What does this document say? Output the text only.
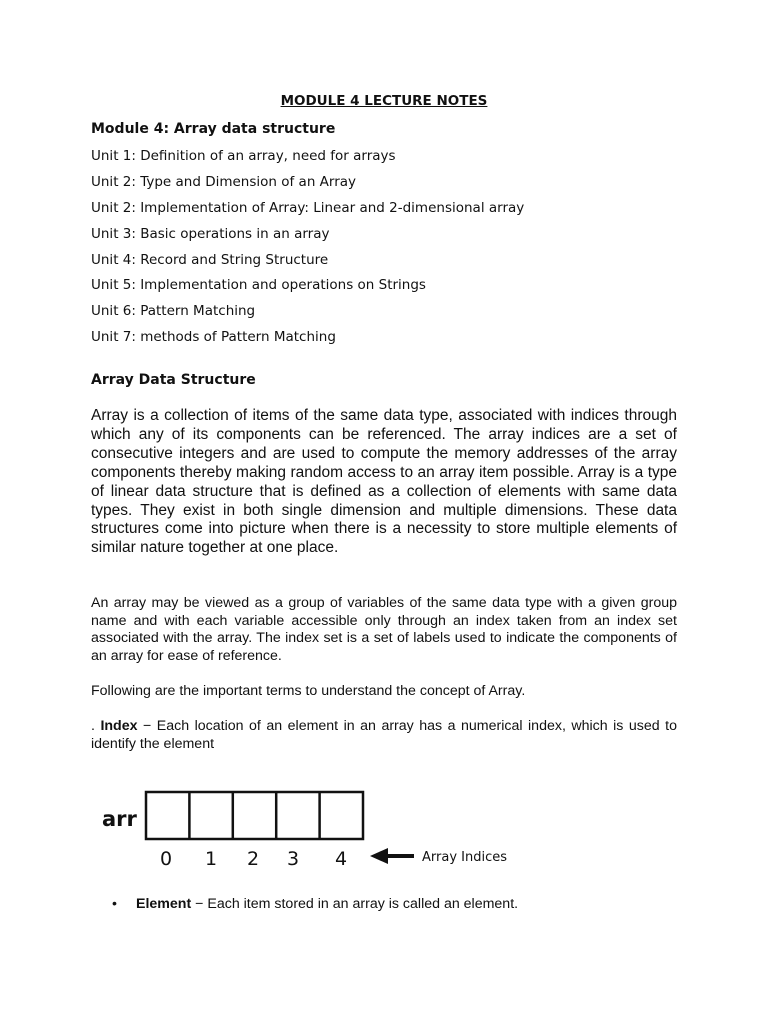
MODULE 4 LECTURE NOTES
Module 4: Array data structure
Unit 1: Definition of an array, need for arrays
Unit 2: Type and Dimension of an Array
Unit 2: Implementation of Array: Linear and 2-dimensional array
Unit 3: Basic operations in an array
Unit 4: Record and String Structure
Unit 5: Implementation and operations on Strings
Unit 6: Pattern Matching
Unit 7: methods of Pattern Matching
Array Data Structure

Array is a collection of items of the same data type, associated with indices through which any of its components can be referenced. The array indices are a set of consecutive integers and are used to compute the memory addresses of the array components thereby making random access to an array item possible. Array is a type of linear data structure that is defined as a collection of elements with same data types. They exist in both single dimension and multiple dimensions. These data structures come into picture when there is a necessity to store multiple elements of similar nature together at one place.

An array may be viewed as a group of variables of the same data type with a given group name and with each variable accessible only through an index taken from an index set associated with the array. The index set is a set of labels used to indicate the components of an array for ease of reference.

Following are the important terms to understand the concept of Array.

. Index − Each location of an element in an array has a numerical index, which is used to identify the element

arr
0 1 2 3 4	Array Indices
• Element − Each item stored in an array is called an element.
